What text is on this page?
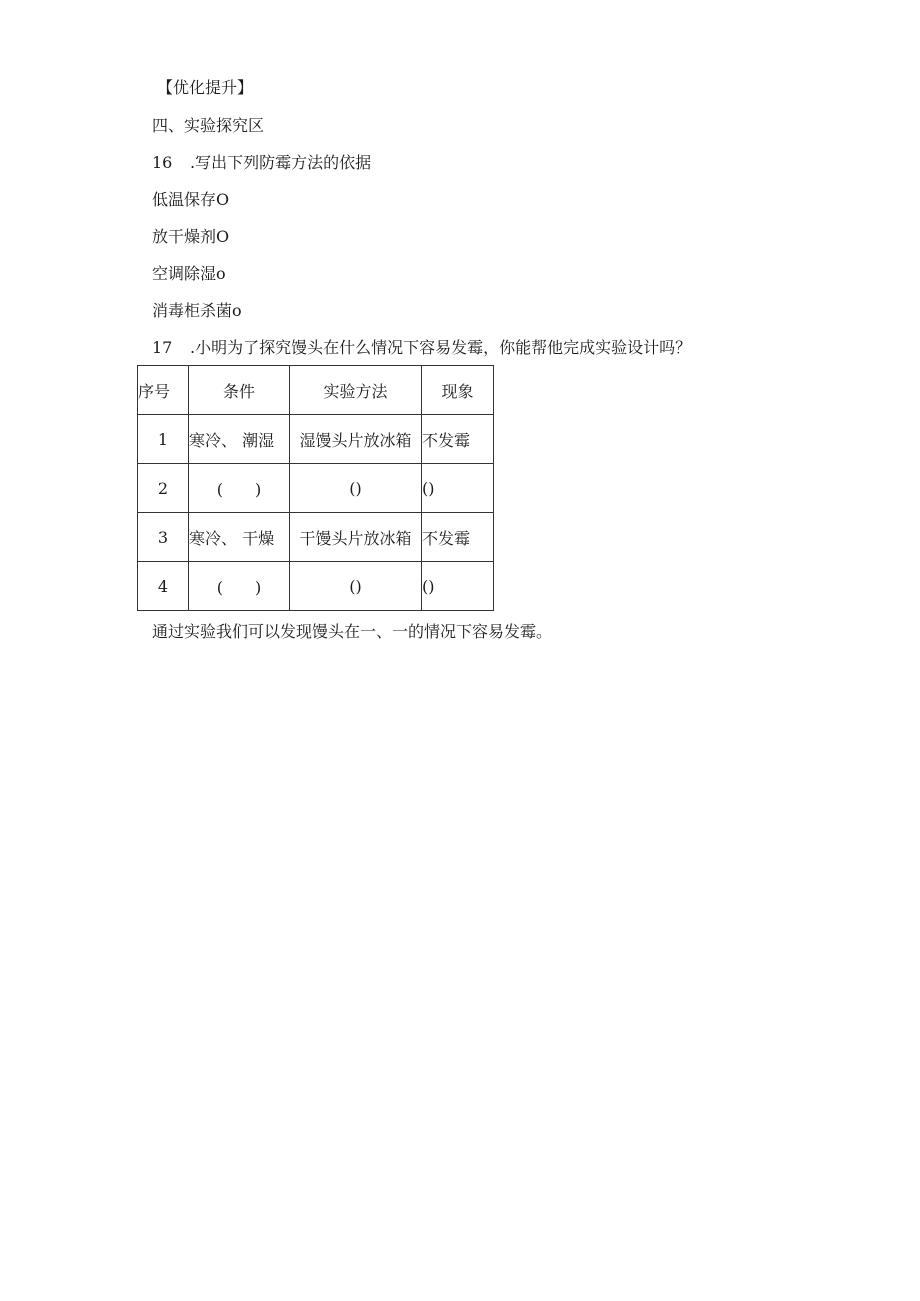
【优化提升】
四、实验探究区
16 .写出下列防霉方法的依据
低温保存O
放干燥剂O
空调除湿o
消毒柜杀菌o
17 .小明为了探究馒头在什么情况下容易发霉，你能帮他完成实验设计吗？
序号	条件	实验方法	现象
1	寒冷、 潮湿	湿馒头片放冰箱	不发霉
2	(　　)	()	()
3	寒冷、 干燥	干馒头片放冰箱	不发霉
4	(　　)	()	()
通过实验我们可以发现馒头在一、一的情况下容易发霉。
